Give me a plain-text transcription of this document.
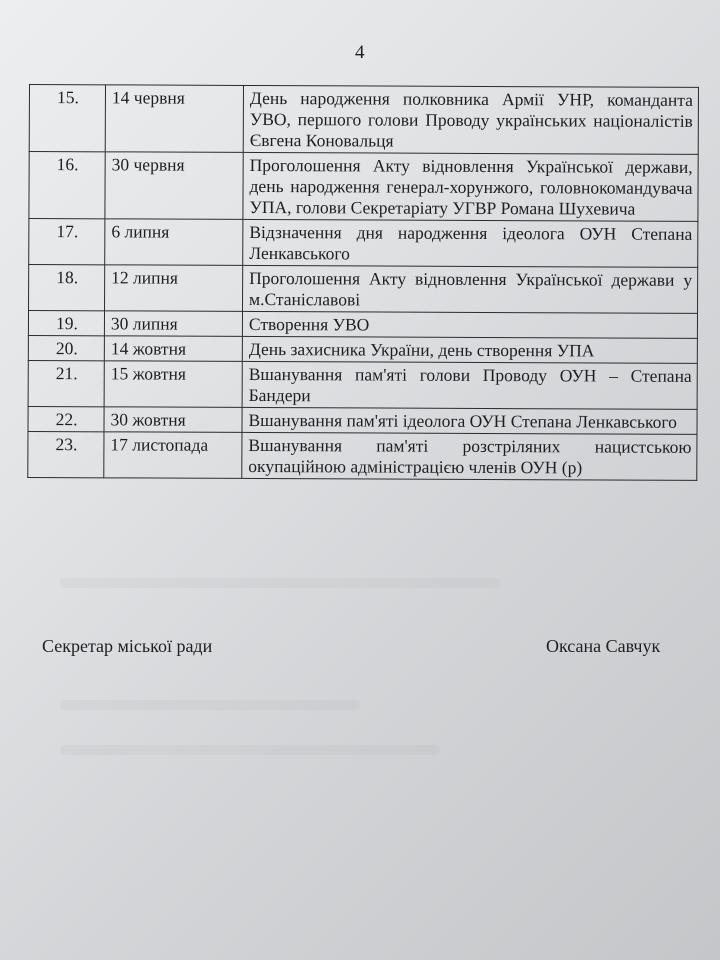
4
15.	14 червня	День народження полковника Армії УНР, команданта УВО, першого голови Проводу українських націоналістів Євгена Коновальця
16.	30 червня	Проголошення Акту відновлення Української держави, день народження генерал-хорунжого, головнокомандувача УПА, голови Секретаріату УГВР Романа Шухевича
17.	6 липня	Відзначення дня народження ідеолога ОУН Степана Ленкавського
18.	12 липня	Проголошення Акту відновлення Української держави у м.Станіславові
19.	30 липня	Створення УВО
20.	14 жовтня	День захисника України, день створення УПА
21.	15 жовтня	Вшанування пам'яті голови Проводу ОУН – Степана Бандери
22.	30 жовтня	Вшанування пам'яті ідеолога ОУН Степана Ленкавського
23.	17 листопада	Вшанування пам'яті розстріляних нацистською окупаційною адміністрацією членів ОУН (р)
Секретар міської ради	Оксана Савчук
